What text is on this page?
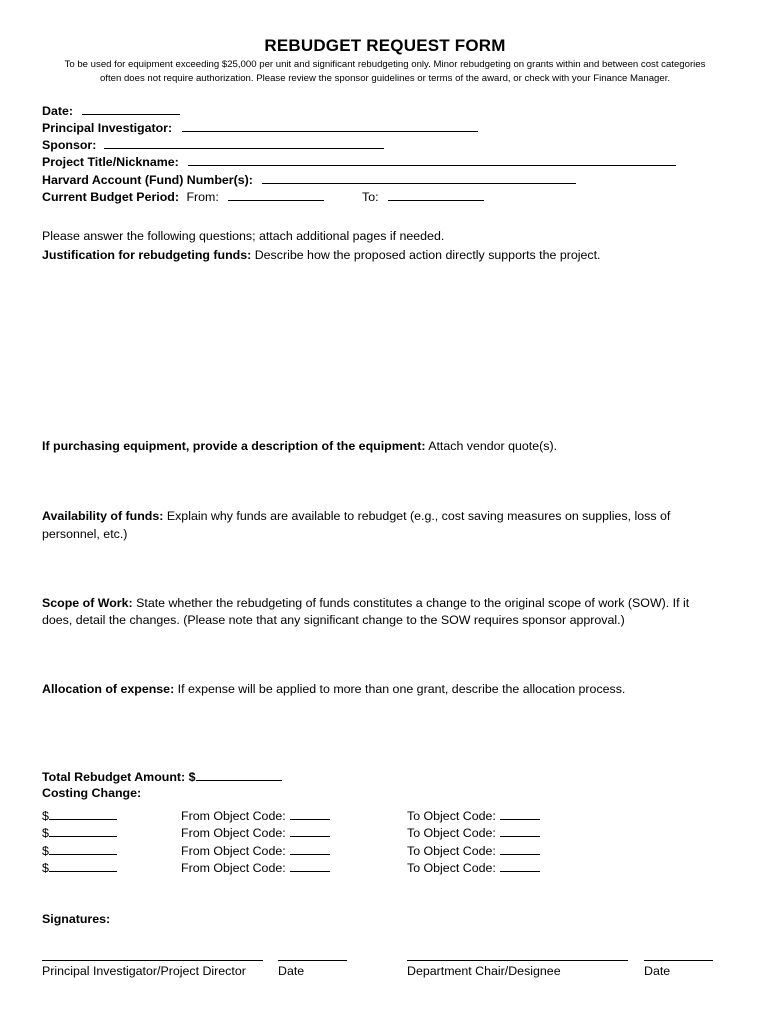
REBUDGET REQUEST FORM
To be used for equipment exceeding $25,000 per unit and significant rebudgeting only. Minor rebudgeting on grants within and between cost categories
often does not require authorization. Please review the sponsor guidelines or terms of the award, or check with your Finance Manager.
Date:
Principal Investigator:
Sponsor:
Project Title/Nickname:
Harvard Account (Fund) Number(s):
Current Budget Period: From:	To:
Please answer the following questions; attach additional pages if needed.
Justification for rebudgeting funds: Describe how the proposed action directly supports the project.
If purchasing equipment, provide a description of the equipment: Attach vendor quote(s).
Availability of funds: Explain why funds are available to rebudget (e.g., cost saving measures on supplies, loss of
personnel, etc.)
Scope of Work: State whether the rebudgeting of funds constitutes a change to the original scope of work (SOW). If it
does, detail the changes. (Please note that any significant change to the SOW requires sponsor approval.)
Allocation of expense: If expense will be applied to more than one grant, describe the allocation process.
Total Rebudget Amount: $
Costing Change:
$	From Object Code:	To Object Code:
$	From Object Code:	To Object Code:
$	From Object Code:	To Object Code:
$	From Object Code:	To Object Code:
Signatures:
Principal Investigator/Project Director	Date	Department Chair/Designee	Date
